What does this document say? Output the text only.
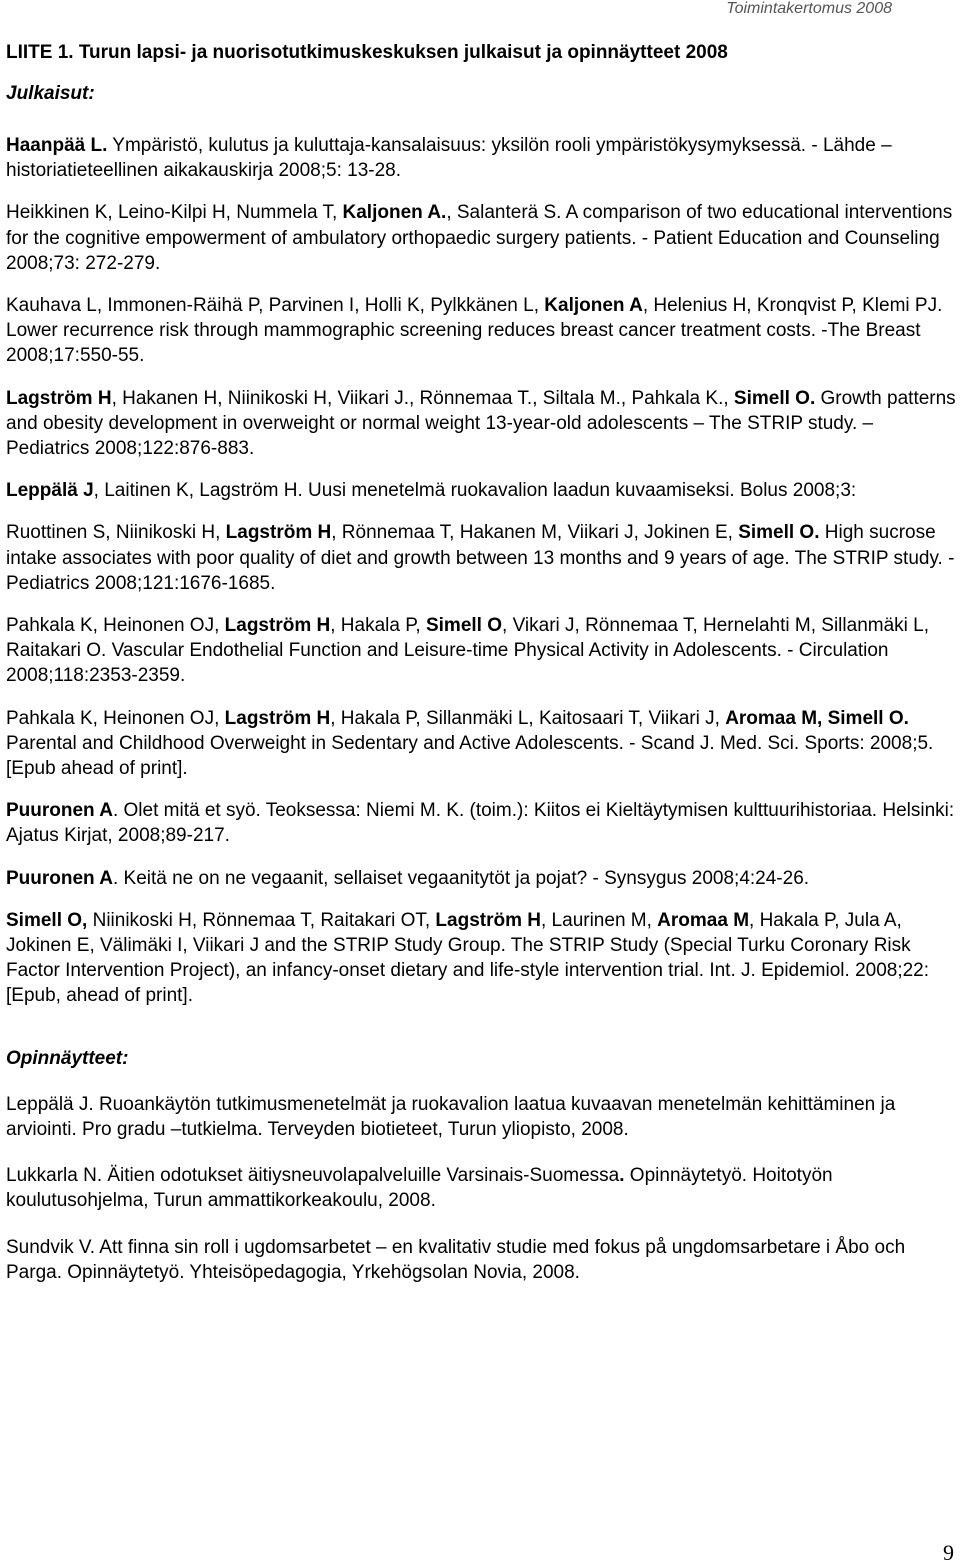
Toimintakertomus 2008
LIITE 1. Turun lapsi- ja nuorisotutkimuskeskuksen julkaisut ja opinnäytteet 2008
Julkaisut:

Haanpää L. Ympäristö, kulutus ja kuluttaja-kansalaisuus: yksilön rooli ympäristökysymyksessä. - Lähde – historiatieteellinen aikakauskirja 2008;5: 13-28.

Heikkinen K, Leino-Kilpi H, Nummela T, Kaljonen A., Salanterä S. A comparison of two educational interventions for the cognitive empowerment of ambulatory orthopaedic surgery patients. - Patient Education and Counseling 2008;73: 272-279.

Kauhava L, Immonen-Räihä P, Parvinen I, Holli K, Pylkkänen L, Kaljonen A, Helenius H, Kronqvist P, Klemi PJ. Lower recurrence risk through mammographic screening reduces breast cancer treatment costs. -The Breast 2008;17:550-55.

Lagström H, Hakanen H, Niinikoski H, Viikari J., Rönnemaa T., Siltala M., Pahkala K., Simell O. Growth patterns and obesity development in overweight or normal weight 13-year-old adolescents – The STRIP study. – Pediatrics 2008;122:876-883.

Leppälä J, Laitinen K, Lagström H. Uusi menetelmä ruokavalion laadun kuvaamiseksi. Bolus 2008;3:

Ruottinen S, Niinikoski H, Lagström H, Rönnemaa T, Hakanen M, Viikari J, Jokinen E, Simell O. High sucrose intake associates with poor quality of diet and growth between 13 months and 9 years of age. The STRIP study. - Pediatrics 2008;121:1676-1685.

Pahkala K, Heinonen OJ, Lagström H, Hakala P, Simell O, Vikari J, Rönnemaa T, Hernelahti M, Sillanmäki L, Raitakari O. Vascular Endothelial Function and Leisure-time Physical Activity in Adolescents. - Circulation 2008;118:2353-2359.

Pahkala K, Heinonen OJ, Lagström H, Hakala P, Sillanmäki L, Kaitosaari T, Viikari J, Aromaa M, Simell O. Parental and Childhood Overweight in Sedentary and Active Adolescents. - Scand J. Med. Sci. Sports: 2008;5. [Epub ahead of print].

Puuronen A. Olet mitä et syö. Teoksessa: Niemi M. K. (toim.): Kiitos ei Kieltäytymisen kulttuurihistoriaa. Helsinki: Ajatus Kirjat, 2008;89-217.

Puuronen A. Keitä ne on ne vegaanit, sellaiset vegaanitytöt ja pojat? - Synsygus 2008;4:24-26.

Simell O, Niinikoski H, Rönnemaa T, Raitakari OT, Lagström H, Laurinen M, Aromaa M, Hakala P, Jula A, Jokinen E, Välimäki I, Viikari J and the STRIP Study Group. The STRIP Study (Special Turku Coronary Risk Factor Intervention Project), an infancy-onset dietary and life-style intervention trial. Int. J. Epidemiol. 2008;22: [Epub, ahead of print].

Opinnäytteet:

Leppälä J. Ruoankäytön tutkimusmenetelmät ja ruokavalion laatua kuvaavan menetelmän kehittäminen ja arviointi. Pro gradu –tutkielma. Terveyden biotieteet, Turun yliopisto, 2008.

Lukkarla N. Äitien odotukset äitiysneuvolapalveluille Varsinais-Suomessa. Opinnäytetyö. Hoitotyön koulutusohjelma, Turun ammattikorkeakoulu, 2008.

Sundvik V. Att finna sin roll i ugdomsarbetet – en kvalitativ studie med fokus på ungdomsarbetare i Åbo och Parga. Opinnäytetyö. Yhteisöpedagogia, Yrkehögsolan Novia, 2008.

9
